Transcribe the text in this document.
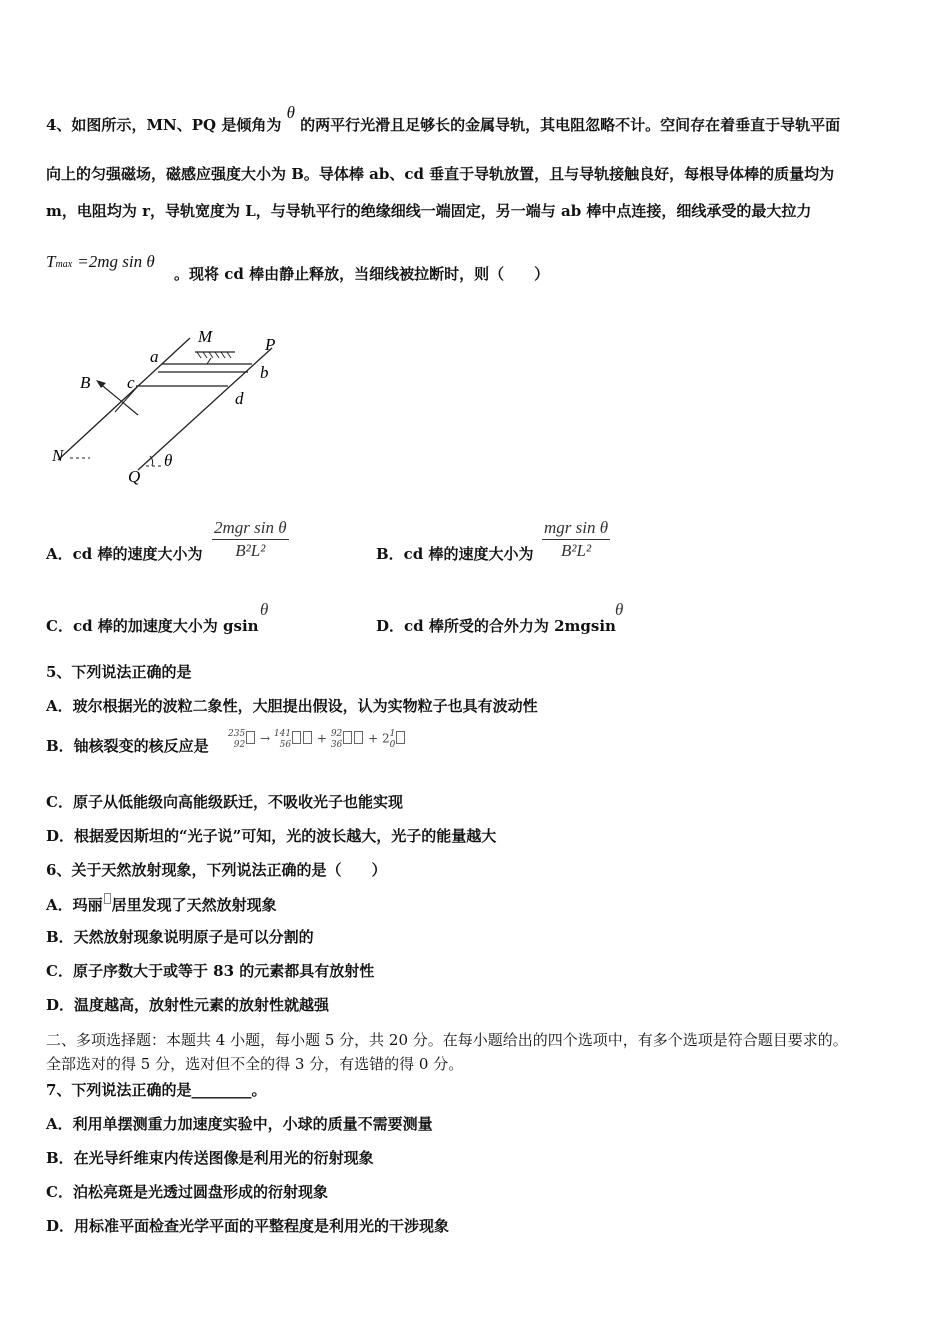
4、如图所示，MN、PQ 是倾角为 θ 的两平行光滑且足够长的金属导轨，其电阻忽略不计。空间存在着垂直于导轨平面
向上的匀强磁场，磁感应强度大小为 B。导体棒 ab、cd 垂直于导轨放置，且与导轨接触良好，每根导体棒的质量均为
m，电阻均为 r，导轨宽度为 L，与导轨平行的绝缘细线一端固定，另一端与 ab 棒中点连接，细线承受的最大拉力
Tmax =2mg sin θ
。现将 cd 棒由静止释放，当细线被拉断时，则（　　）
M	P
a
b
B c
d
N
Q
θ
A．cd 棒的速度大小为
2mgr sin θ
B²L²	B．cd 棒的速度大小为
mgr sin θ
B²L²
C．cd 棒的加速度大小为 gsin
θ
D．cd 棒所受的合外力为 2mgsin
θ
5、下列说法正确的是
A．玻尔根据光的波粒二象性，大胆提出假设，认为实物粒子也具有波动性
B．铀核裂变的核反应是
235
92 → 141
56 + 92
36 + 21
0
C．原子从低能级向高能级跃迁，不吸收光子也能实现
D．根据爱因斯坦的“光子说”可知，光的波长越大，光子的能量越大
6、关于天然放射现象，下列说法正确的是（　　）
A．玛丽 居里发现了天然放射现象
B．天然放射现象说明原子是可以分割的
C．原子序数大于或等于 83 的元素都具有放射性
D．温度越高，放射性元素的放射性就越强
二、多项选择题：本题共 4 小题，每小题 5 分，共 20 分。在每小题给出的四个选项中，有多个选项是符合题目要求的。
全部选对的得 5 分，选对但不全的得 3 分，有选错的得 0 分。
7、下列说法正确的是________。
A．利用单摆测重力加速度实验中，小球的质量不需要测量
B．在光导纤维束内传送图像是利用光的衍射现象
C．泊松亮斑是光透过圆盘形成的衍射现象
D．用标准平面检查光学平面的平整程度是利用光的干涉现象
